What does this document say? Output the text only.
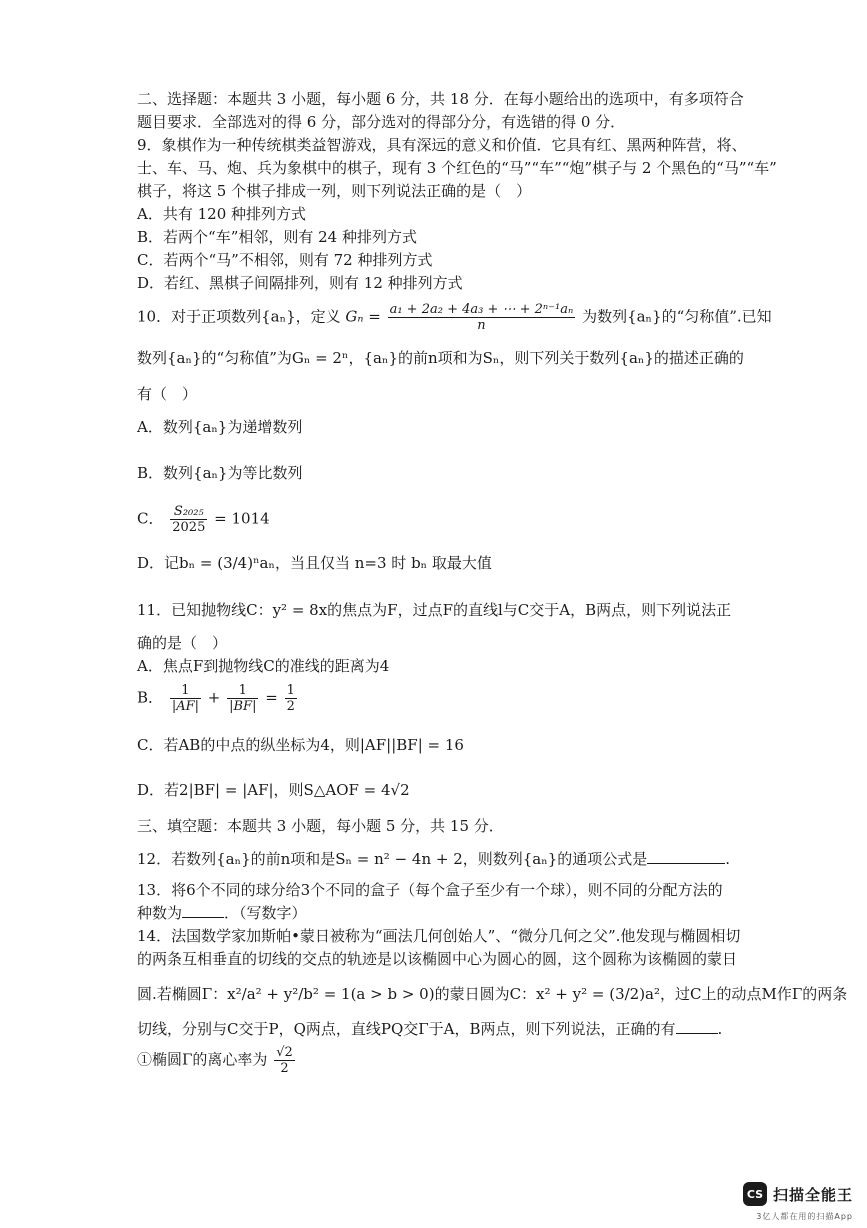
二、选择题：本题共 3 小题，每小题 6 分，共 18 分．在每小题给出的选项中，有多项符合
题目要求．全部选对的得 6 分，部分选对的得部分分，有选错的得 0 分．
9．象棋作为一种传统棋类益智游戏，具有深远的意义和价值．它具有红、黑两种阵营，将、
士、车、马、炮、兵为象棋中的棋子，现有 3 个红色的“马”“车”“炮”棋子与 2 个黑色的“马”“车”
棋子，将这 5 个棋子排成一列，则下列说法正确的是（　）
A．共有 120 种排列方式
B．若两个“车”相邻，则有 24 种排列方式
C．若两个“马”不相邻，则有 72 种排列方式
D．若红、黑棋子间隔排列，则有 12 种排列方式
10．对于正项数列{aₙ}，定义 $G_n = \frac{\text{a₁ + 2a₂ + 4a₃ + ⋯ + 2ⁿ⁻¹aₙ}}{n}$ 为数列{aₙ}的“匀称值”.已知
数列{aₙ}的“匀称值”为Gₙ = 2ⁿ，{aₙ}的前n项和为Sₙ，则下列关于数列{aₙ}的描述正确的
有（　）
A．数列{aₙ}为递增数列
B．数列{aₙ}为等比数列
C． $\frac{\text{S₂₀₂₅}}{2025} = 1014$
D．记bₙ = (3/4)ⁿaₙ，当且仅当 n=3 时 bₙ 取最大值
11．已知抛物线C：y² = 8x的焦点为F，过点F的直线l与C交于A，B两点，则下列说法正
确的是（　）
A．焦点F到抛物线C的准线的距离为4
B． $\frac{1}{|AF|} + \frac{1}{|BF|} = \frac{1}{2}$
C．若AB的中点的纵坐标为4，则|AF||BF| = 16
D．若2|BF| = |AF|，则S△AOF = 4√2
三、填空题：本题共 3 小题，每小题 5 分，共 15 分．
12．若数列{aₙ}的前n项和是Sₙ = n² − 4n + 2，则数列{aₙ}的通项公式是	.
13．将6个不同的球分给3个不同的盒子（每个盒子至少有一个球），则不同的分配方法的
种数为	．（写数字）
14．法国数学家加斯帕•蒙日被称为“画法几何创始人”、“微分几何之父”.他发现与椭圆相切
的两条互相垂直的切线的交点的轨迹是以该椭圆中心为圆心的圆，这个圆称为该椭圆的蒙日
圆.若椭圆Γ：x²/a² + y²/b² = 1(a > b > 0)的蒙日圆为C：x² + y² = (3/2)a²，过C上的动点M作Γ的两条
切线，分别与C交于P，Q两点，直线PQ交Γ于A，B两点，则下列说法，正确的有	.
①椭圆Γ的离心率为 $\frac{√2}{2}$
CS 扫描全能王
3亿人都在用的扫描App
